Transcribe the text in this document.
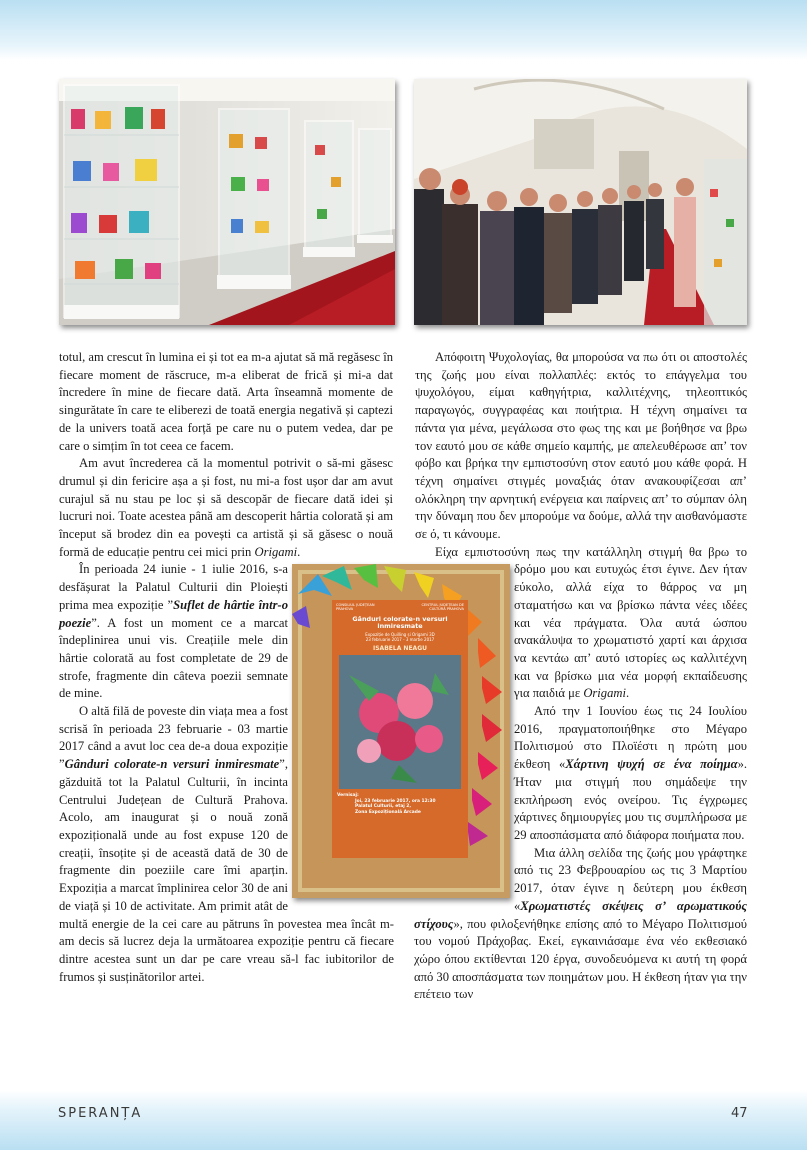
totul, am crescut în lumina ei și tot ea m-a ajutat să mă regăsesc în fiecare moment de răscruce, m-a eliberat de frică și mi-a dat încredere în mine de fiecare dată. Arta înseamnă momente de singurătate în care te eliberezi de toată energia negativă și captezi de la univers toată acea forță pe care nu o putem vedea, dar pe care o simțim în tot ceea ce facem.

Am avut încrederea că la momentul potrivit o să-mi găsesc drumul și din fericire așa a și fost, nu mi-a fost ușor dar am avut curajul să nu stau pe loc și să descopăr de fiecare dată idei și lucruri noi. Toate acestea până am descoperit hârtia colorată și am început să brodez din ea povești ca artistă și să găsesc o nouă formă de educație pentru cei mici prin Origami.

În perioada 24 iunie - 1 iulie 2016, s-a desfășurat la Palatul Culturii din Ploiești prima mea expoziție ”Suflet de hârtie într-o poezie”. A fost un moment ce a marcat îndeplinirea unui vis. Creațiile mele din hârtie colorată au fost completate de 29 de strofe, fragmente din câteva poezii semnate de mine.

O altă filă de poveste din viața mea a fost scrisă în perioada 23 februarie - 03 martie 2017 când a avut loc cea de-a doua expoziție ”Gânduri colorate-n versuri inmiresmate”, găzduită tot la Palatul Culturii, în incinta Centrului Județean de Cultură Prahova. Acolo, am inaugurat și o nouă zonă expozițională unde au fost expuse 120 de creații, însoțite și de această dată de 30 de fragmente din poeziile care îmi aparțin. Expoziția a marcat împlinirea celor 30 de ani de viață și 10 de activitate. Am primit atât de multă energie de la cei care au pătruns în povestea mea încât m-am decis să lucrez deja la următoarea expoziție pentru că fiecare dintre acestea sunt un dar pe care vreau să-l fac iubitorilor de frumos și susținătorilor artei.

Απόφοιτη Ψυχολογίας, θα μπορούσα να πω ότι οι αποστολές της ζωής μου είναι πολλαπλές: εκτός το επάγγελμα του ψυχολόγου, είμαι καθηγήτρια, καλλιτέχνης, τηλεοπτικός παραγωγός, συγγραφέας και ποιήτρια. Η τέχνη σημαίνει τα πάντα για μένα, μεγάλωσα στο φως της και με βοήθησε να βρω τον εαυτό μου σε κάθε σημείο καμπής, με απελευθέρωσε απ’ τον φόβο και βρήκα την εμπιστοσύνη στον εαυτό μου κάθε φορά. Η τέχνη σημαίνει στιγμές μοναξιάς όταν ανακουφίζεσαι απ’ ολόκληρη την αρνητική ενέργεια και παίρνεις απ’ το σύμπαν όλη την δύναμη που δεν μπορούμε να δούμε, αλλά την αισθανόμαστε σε ό, τι κάνουμε.

Είχα εμπιστοσύνη πως την κατάλληλη στιγμή θα βρω το δρόμο μου και ευτυχώς έτσι έγινε. Δεν ήταν εύκολο, αλλά είχα το θάρρος να μη σταματήσω και να βρίσκω πάντα νέες ιδέες και νέα πράγματα. Όλα αυτά ώσπου ανακάλυψα το χρωματιστό χαρτί και άρχισα να κεντάω απ’ αυτό ιστορίες ως καλλιτέχνη και να βρίσκω μια νέα μορφή εκπαίδευσης για παιδιά με Origami.

Από την 1 Ιουνίου έως τις 24 Ιουλίου 2016, πραγματοποιήθηκε στο Μέγαρο Πολιτισμού στο Πλοϊέστι η πρώτη μου έκθεση «Χάρτινη ψυχή σε ένα ποίημα». Ήταν μια στιγμή που σημάδεψε την εκπλήρωση ενός ονείρου. Τις έγχρωμες χάρτινες δημιουργίες μου τις συμπλήρωσα με 29 αποσπάσματα από διάφορα ποιήματα που.

Μια άλλη σελίδα της ζωής μου γράφτηκε από τις 23 Φεβρουαρίου ως τις 3 Μαρτίου 2017, όταν έγινε η δεύτερη μου έκθεση «Χρωματιστές σκέψεις σ’ αρωματικούς στίχους», που φιλοξενήθηκε επίσης από το Μέγαρο Πολιτισμού του νομού Πράχοβας. Εκεί, εγκαινιάσαμε ένα νέο εκθεσιακό χώρο όπου εκτίθενται 120 έργα, συνοδευόμενα κι αυτή τη φορά από 30 αποσπάσματα των ποιημάτων μου. Η έκθεση ήταν για την επέτειο των

CONSILIUL JUDEȚEAN PRAHOVA
CENTRUL JUDEȚEAN DE CULTURĂ PRAHOVA
Gânduri colorate-n versuri inmiresmate
Expoziție de Quilling și Origami 3D
23 februarie 2017 - 3 martie 2017
ISABELA NEAGU
Vernisaj:
Joi, 23 februarie 2017, ora 12:30
Palatul Culturii, etaj 2,
Zona Expozițională Arcade
SPERANȚA	47
